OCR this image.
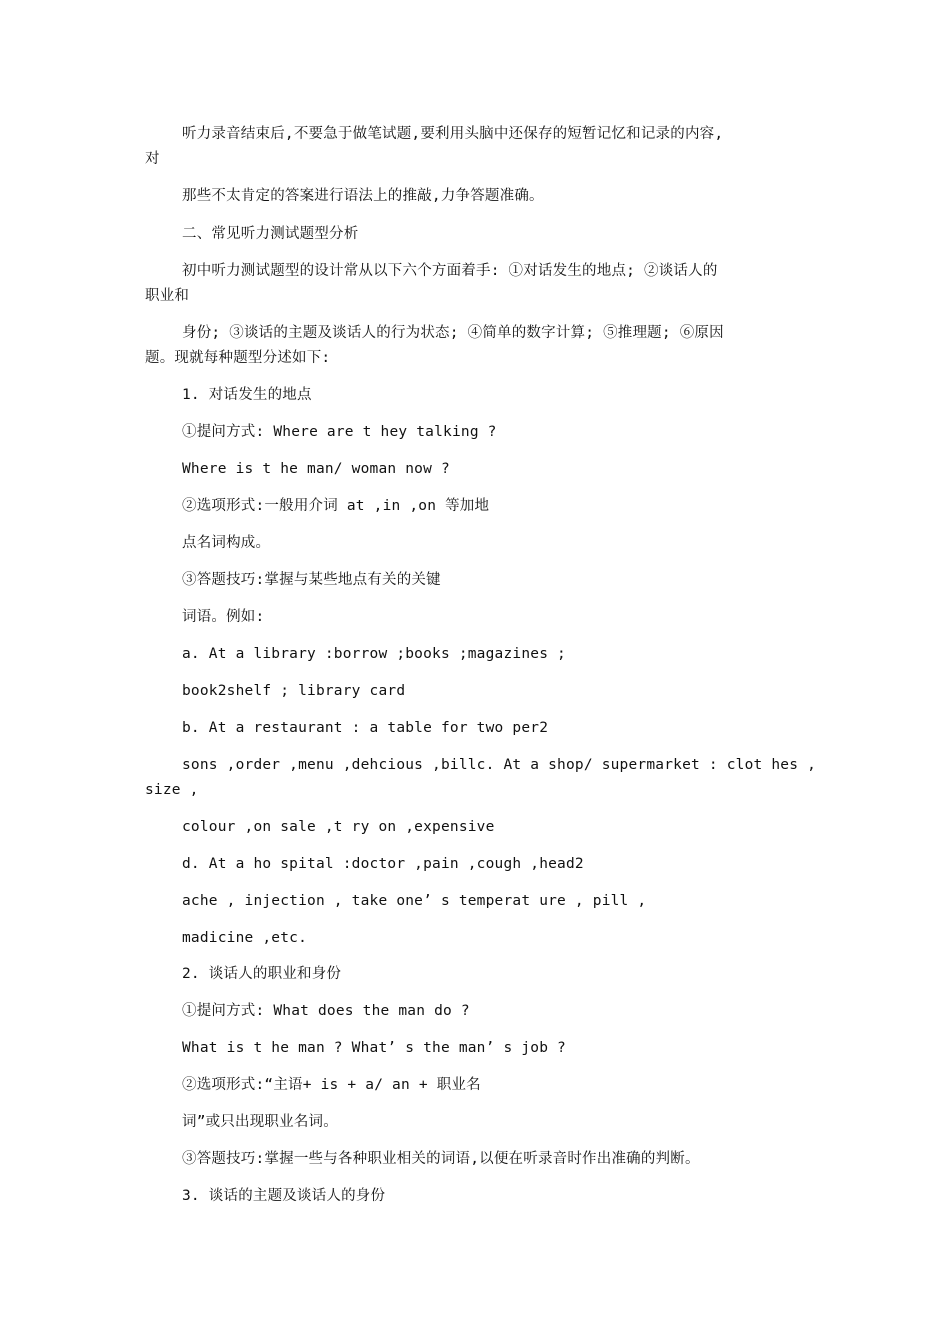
听力录音结束后,不要急于做笔试题,要利用头脑中还保存的短暂记忆和记录的内容,
对
那些不太肯定的答案进行语法上的推敲,力争答题准确。
二、常见听力测试题型分析
初中听力测试题型的设计常从以下六个方面着手: ①对话发生的地点; ②谈话人的
职业和
身份; ③谈话的主题及谈话人的行为状态; ④简单的数字计算; ⑤推理题; ⑥原因
题。现就每种题型分述如下:
1. 对话发生的地点
①提问方式: Where are t hey talking ?
Where is t he man/ woman now ?
②选项形式:一般用介词 at ,in ,on 等加地
点名词构成。
③答题技巧:掌握与某些地点有关的关键
词语。例如:
a. At a library :borrow ;books ;magazines ;
book2shelf ; library card
b. At a restaurant : a table for two per2
sons ,order ,menu ,dehcious ,billc. At a shop/ supermarket : clot hes ,
size ,
colour ,on sale ,t ry on ,expensive
d. At a ho spital :doctor ,pain ,cough ,head2
ache , injection , take one’ s temperat ure , pill ,
madicine ,etc.
2. 谈话人的职业和身份
①提问方式: What does the man do ?
What is t he man ? What’ s the man’ s job ?
②选项形式:“主语+ is + a/ an + 职业名
词”或只出现职业名词。
③答题技巧:掌握一些与各种职业相关的词语,以便在听录音时作出准确的判断。
3. 谈话的主题及谈话人的身份
